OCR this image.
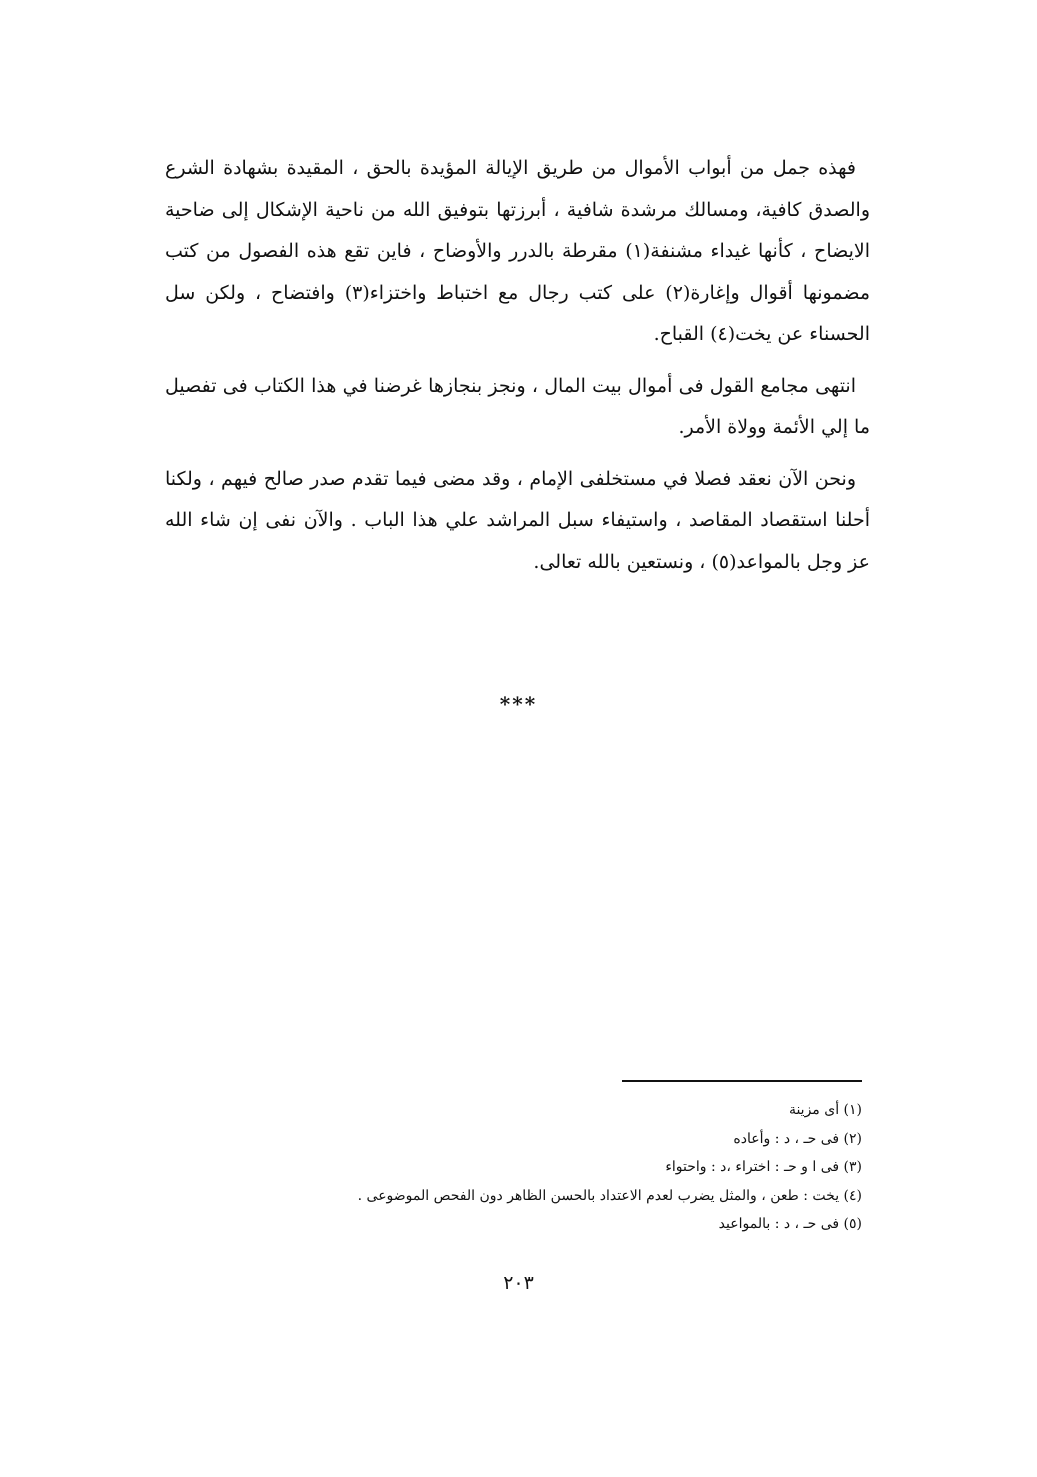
فهذه جمل من أبواب الأموال من طريق الإيالة المؤيدة بالحق ، المقيدة بشهادة الشرع والصدق كافية، ومسالك مرشدة شافية ، أبرزتها بتوفيق الله من ناحية الإشكال إلى ضاحية الايضاح ، كأنها غيداء مشنفة(١) مقرطة بالدرر والأوضاح ، فاين تقع هذه الفصول من كتب مضمونها أقوال وإغارة(٢) على كتب رجال مع اختباط واختزاء(٣) وافتضاح ، ولكن سل الحسناء عن يخت(٤) القباح.

انتهى مجامع القول فى أموال بيت المال ، ونجز بنجازها غرضنا في هذا الكتاب فى تفصيل ما إلي الأئمة وولاة الأمر.

ونحن الآن نعقد فصلا في مستخلفى الإمام ، وقد مضى فيما تقدم صدر صالح فيهم ، ولكنا أحلنا استقصاد المقاصد ، واستيفاء سبل المراشد علي هذا الباب . والآن نفى إن شاء الله عز وجل بالمواعد(٥) ، ونستعين بالله تعالى.

***

(١) أى مزينة

(٢) فى حـ ، د : وأعاده

(٣) فى ا و حـ : اختراء ،د : واحتواء

(٤) يخت : طعن ، والمثل يضرب لعدم الاعتداد بالحسن الظاهر دون الفحص الموضوعى .

(٥) فى حـ ، د : بالمواعيد

٢٠٣
